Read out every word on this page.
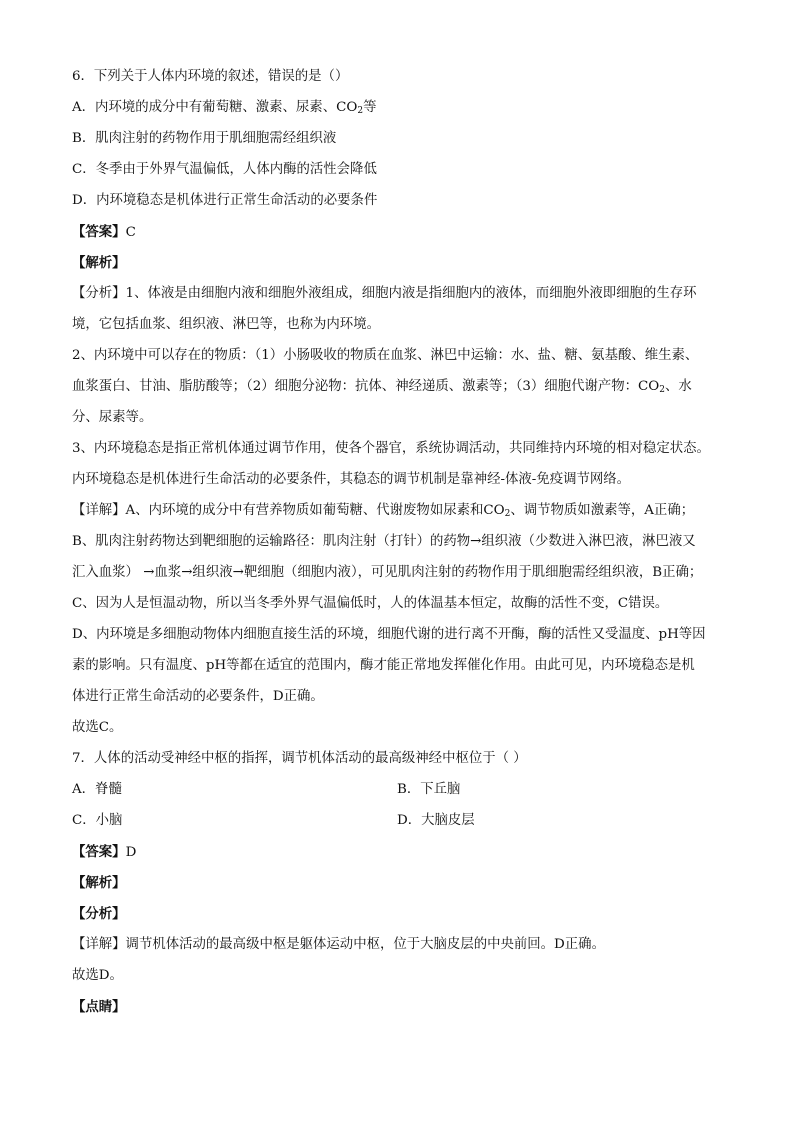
6．下列关于人体内环境的叙述，错误的是（）
A．内环境的成分中有葡萄糖、激素、尿素、$CO_2$等
B．肌肉注射的药物作用于肌细胞需经组织液
C．冬季由于外界气温偏低，人体内酶的活性会降低
D．内环境稳态是机体进行正常生命活动的必要条件
【答案】C
【解析】
【分析】1、体液是由细胞内液和细胞外液组成，细胞内液是指细胞内的液体，而细胞外液即细胞的生存环
境，它包括血浆、组织液、淋巴等，也称为内环境。
2、内环境中可以存在的物质：（1）小肠吸收的物质在血浆、淋巴中运输：水、盐、糖、氨基酸、维生素、
血浆蛋白、甘油、脂肪酸等；（2）细胞分泌物：抗体、神经递质、激素等；（3）细胞代谢产物：$CO_2$、水
分、尿素等。
3、内环境稳态是指正常机体通过调节作用，使各个器官，系统协调活动，共同维持内环境的相对稳定状态。
内环境稳态是机体进行生命活动的必要条件，其稳态的调节机制是靠神经-体液-免疫调节网络。
【详解】A、内环境的成分中有营养物质如葡萄糖、代谢废物如尿素和$CO_2$、调节物质如激素等，A正确；
B、肌肉注射药物达到靶细胞的运输路径：肌肉注射（打针）的药物→组织液（少数进入淋巴液，淋巴液又
汇入血浆） →血浆→组织液→靶细胞（细胞内液），可见肌肉注射的药物作用于肌细胞需经组织液，B正确；
C、因为人是恒温动物，所以当冬季外界气温偏低时，人的体温基本恒定，故酶的活性不变，C错误。
D、内环境是多细胞动物体内细胞直接生活的环境，细胞代谢的进行离不开酶，酶的活性又受温度、pH等因
素的影响。只有温度、pH等都在适宜的范围内，酶才能正常地发挥催化作用。由此可见，内环境稳态是机
体进行正常生命活动的必要条件，D正确。
故选C。
7．人体的活动受神经中枢的指挥，调节机体活动的最高级神经中枢位于（ ）
A．脊髓	B．下丘脑
C．小脑	D．大脑皮层
【答案】D
【解析】
【分析】
【详解】调节机体活动的最高级中枢是躯体运动中枢，位于大脑皮层的中央前回。D正确。
故选D。
【点睛】
